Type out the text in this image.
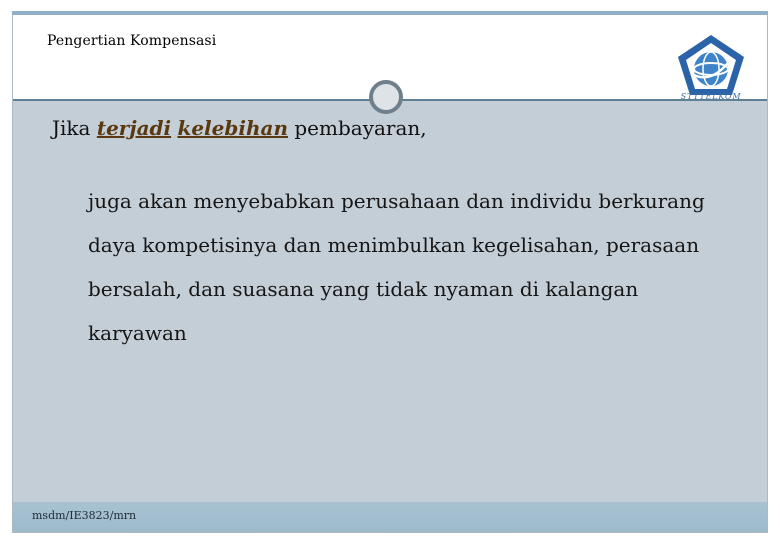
Pengertian Kompensasi
STTTELKOM
Jika terjadi kelebihan pembayaran,
juga akan menyebabkan perusahaan dan individu berkurang daya kompetisinya dan menimbulkan kegelisahan, perasaan bersalah, dan suasana yang tidak nyaman di kalangan karyawan
msdm/IE3823/mrn
